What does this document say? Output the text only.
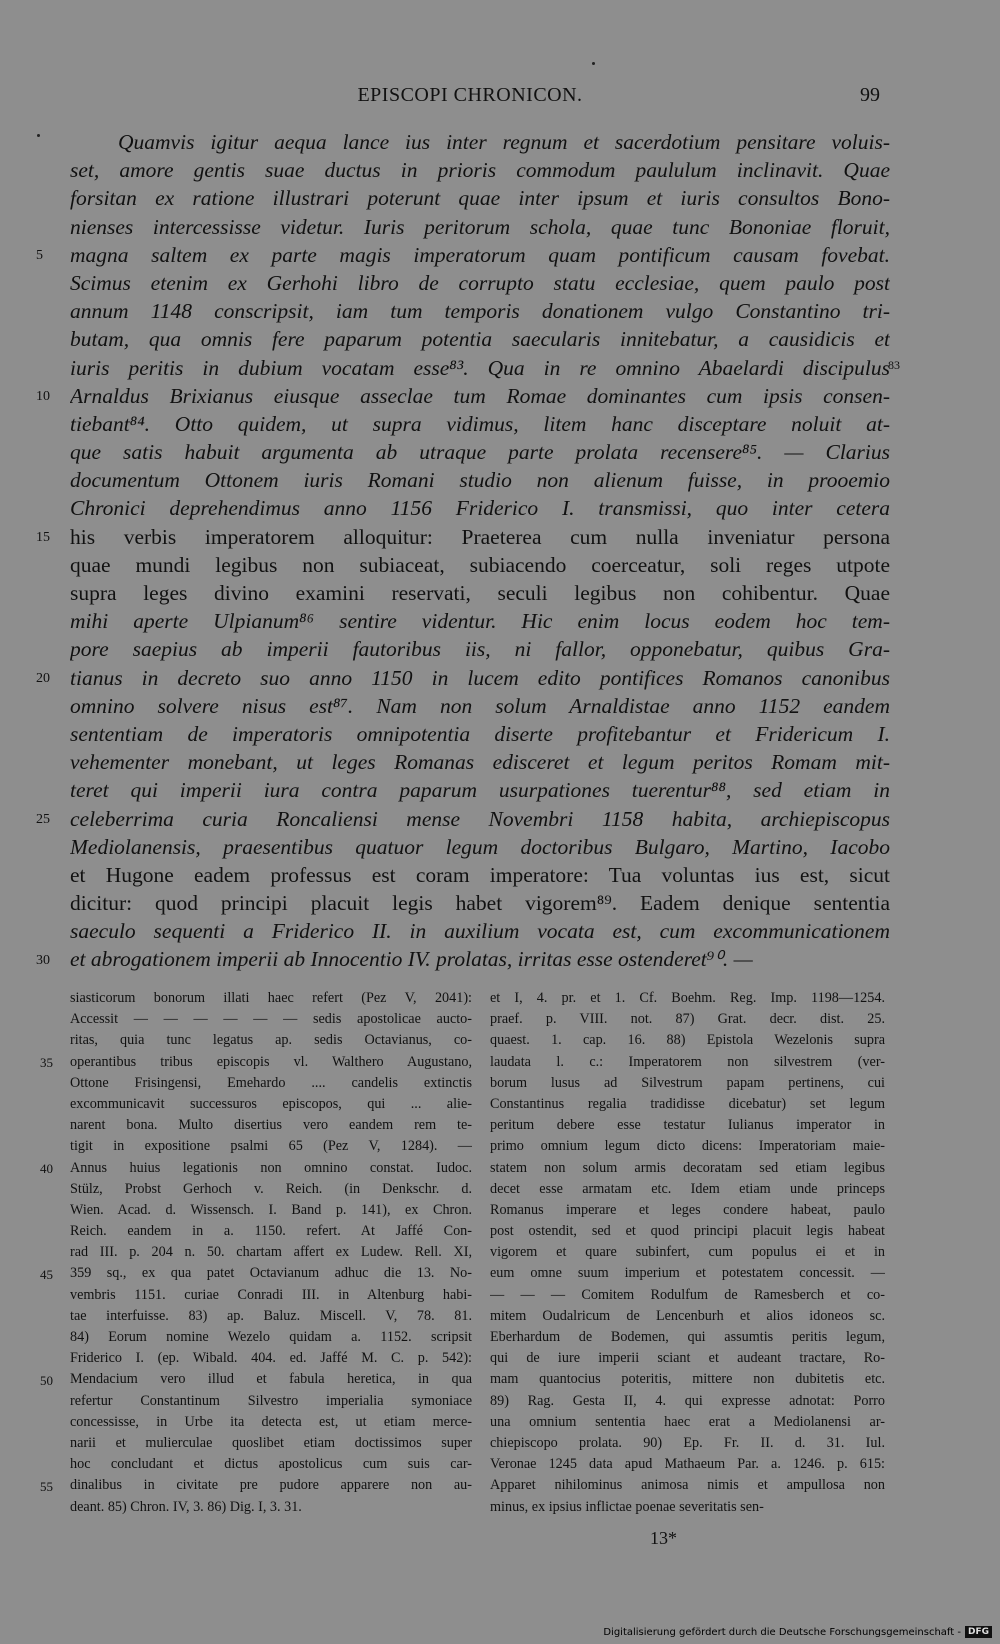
EPISCOPI CHRONICON.	99
5
10
15
20
25
30
83
Quamvis igitur aequa lance ius inter regnum et sacerdotium pensitare voluis-
set, amore gentis suae ductus in prioris commodum paululum inclinavit. Quae
forsitan ex ratione illustrari poterunt quae inter ipsum et iuris consultos Bono-
nienses intercessisse videtur. Iuris peritorum schola, quae tunc Bononiae floruit,
magna saltem ex parte magis imperatorum quam pontificum causam fovebat.
Scimus etenim ex Gerhohi libro de corrupto statu ecclesiae, quem paulo post
annum 1148 conscripsit, iam tum temporis donationem vulgo Constantino tri-
butam, qua omnis fere paparum potentia saecularis innitebatur, a causidicis et
iuris peritis in dubium vocatam esse⁸³. Qua in re omnino Abaelardi discipulus
Arnaldus Brixianus eiusque asseclae tum Romae dominantes cum ipsis consen-
tiebant⁸⁴. Otto quidem, ut supra vidimus, litem hanc disceptare noluit at-
que satis habuit argumenta ab utraque parte prolata recensere⁸⁵. — Clarius
documentum Ottonem iuris Romani studio non alienum fuisse, in prooemio
Chronici deprehendimus anno 1156 Friderico I. transmissi, quo inter cetera
his verbis imperatorem alloquitur: Praeterea cum nulla inveniatur persona
quae mundi legibus non subiaceat, subiacendo coerceatur, soli reges utpote
supra leges divino examini reservati, seculi legibus non cohibentur. Quae
mihi aperte Ulpianum⁸⁶ sentire videntur. Hic enim locus eodem hoc tem-
pore saepius ab imperii fautoribus iis, ni fallor, opponebatur, quibus Gra-
tianus in decreto suo anno 1150 in lucem edito pontifices Romanos canonibus
omnino solvere nisus est⁸⁷. Nam non solum Arnaldistae anno 1152 eandem
sententiam de imperatoris omnipotentia diserte profitebantur et Fridericum I.
vehementer monebant, ut leges Romanas edisceret et legum peritos Romam mit-
teret qui imperii iura contra paparum usurpationes tuerentur⁸⁸, sed etiam in
celeberrima curia Roncaliensi mense Novembri 1158 habita, archiepiscopus
Mediolanensis, praesentibus quatuor legum doctoribus Bulgaro, Martino, Iacobo
et Hugone eadem professus est coram imperatore: Tua voluntas ius est, sicut
dicitur: quod principi placuit legis habet vigorem⁸⁹. Eadem denique sententia
saeculo sequenti a Friderico II. in auxilium vocata est, cum excommunicationem
et abrogationem imperii ab Innocentio IV. prolatas, irritas esse ostenderet⁹⁰. —
35
40
45
50
55
siasticorum bonorum illati haec refert (Pez V, 2041):
Accessit — — — — — — sedis apostolicae aucto-
ritas, quia tunc legatus ap. sedis Octavianus, co-
operantibus tribus episcopis vl. Walthero Augustano,
Ottone Frisingensi, Emehardo .... candelis extinctis
excommunicavit successuros episcopos, qui ... alie-
narent bona. Multo disertius vero eandem rem te-
tigit in expositione psalmi 65 (Pez V, 1284). —
Annus huius legationis non omnino constat. Iudoc.
Stülz, Probst Gerhoch v. Reich. (in Denkschr. d.
Wien. Acad. d. Wissensch. I. Band p. 141), ex Chron.
Reich. eandem in a. 1150. refert. At Jaffé Con-
rad III. p. 204 n. 50. chartam affert ex Ludew. Rell. XI,
359 sq., ex qua patet Octavianum adhuc die 13. No-
vembris 1151. curiae Conradi III. in Altenburg habi-
tae interfuisse. 83) ap. Baluz. Miscell. V, 78. 81.
84) Eorum nomine Wezelo quidam a. 1152. scripsit
Friderico I. (ep. Wibald. 404. ed. Jaffé M. C. p. 542):
Mendacium vero illud et fabula heretica, in qua
refertur Constantinum Silvestro imperialia symoniace
concessisse, in Urbe ita detecta est, ut etiam merce-
narii et mulierculae quoslibet etiam doctissimos super
hoc concludant et dictus apostolicus cum suis car-
dinalibus in civitate pre pudore apparere non au-
deant. 85) Chron. IV, 3. 86) Dig. I, 3. 31.
et I, 4. pr. et 1. Cf. Boehm. Reg. Imp. 1198—1254.
praef. p. VIII. not. 87) Grat. decr. dist. 25.
quaest. 1. cap. 16. 88) Epistola Wezelonis supra
laudata l. c.: Imperatorem non silvestrem (ver-
borum lusus ad Silvestrum papam pertinens, cui
Constantinus regalia tradidisse dicebatur) set legum
peritum debere esse testatur Iulianus imperator in
primo omnium legum dicto dicens: Imperatoriam maie-
statem non solum armis decoratam sed etiam legibus
decet esse armatam etc. Idem etiam unde princeps
Romanus imperare et leges condere habeat, paulo
post ostendit, sed et quod principi placuit legis habeat
vigorem et quare subinfert, cum populus ei et in
eum omne suum imperium et potestatem concessit. —
— — — Comitem Rodulfum de Ramesberch et co-
mitem Oudalricum de Lencenburh et alios idoneos sc.
Eberhardum de Bodemen, qui assumtis peritis legum,
qui de iure imperii sciant et audeant tractare, Ro-
mam quantocius poteritis, mittere non dubitetis etc.
89) Rag. Gesta II, 4. qui expresse adnotat: Porro
una omnium sententia haec erat a Mediolanensi ar-
chiepiscopo prolata. 90) Ep. Fr. II. d. 31. Iul.
Veronae 1245 data apud Mathaeum Par. a. 1246. p. 615:
Apparet nihilominus animosa nimis et ampullosa non
minus, ex ipsius inflictae poenae severitatis sen-
13*
Digitalisierung gefördert durch die Deutsche Forschungsgemeinschaft - DFG
